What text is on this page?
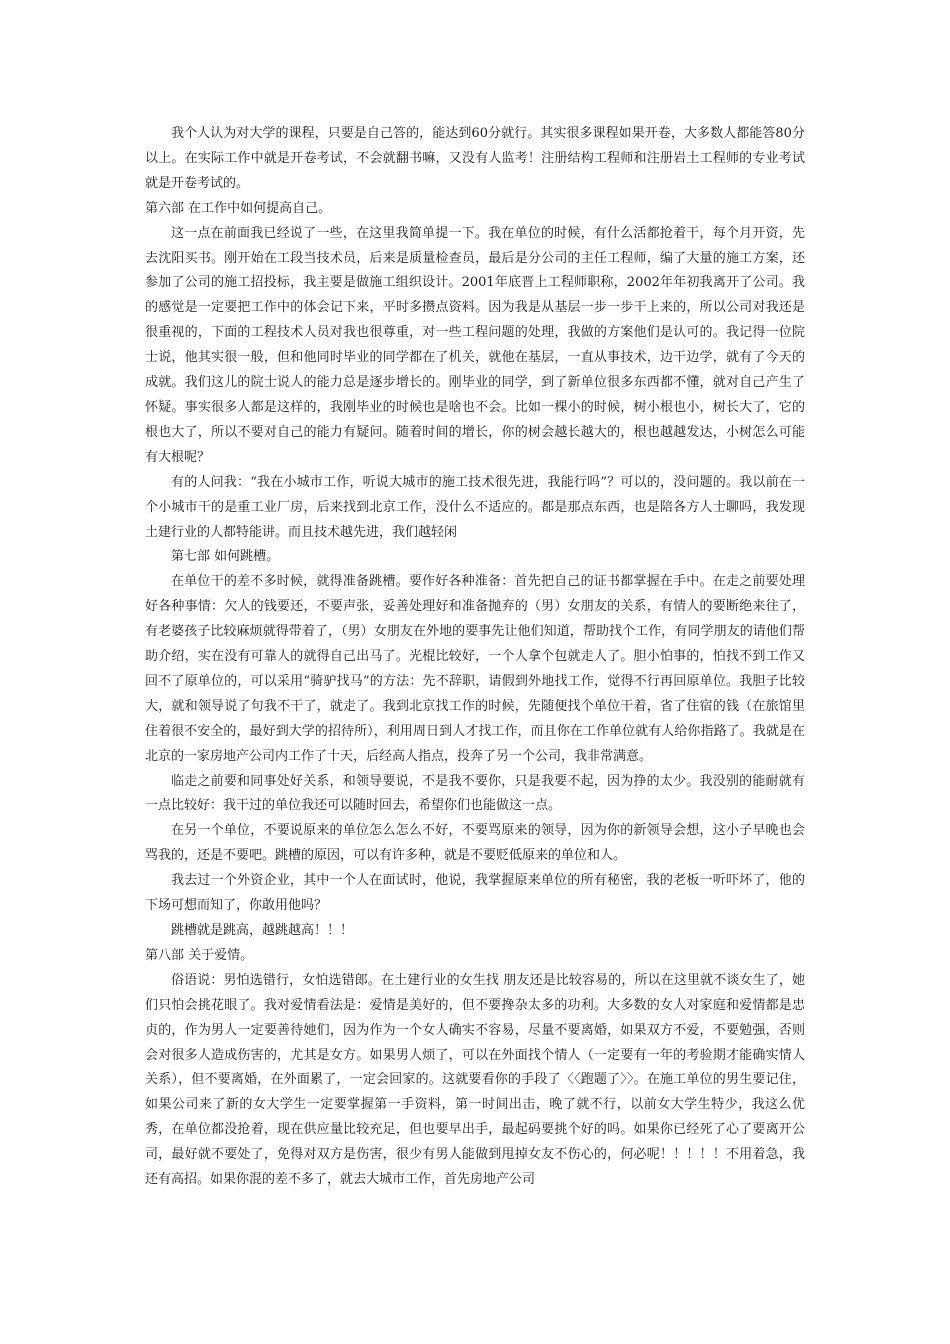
我个人认为对大学的课程，只要是自己答的，能达到60分就行。其实很多课程如果开卷，大多数人都能答80分以上。在实际工作中就是开卷考试，不会就翻书嘛，又没有人监考！注册结构工程师和注册岩土工程师的专业考试就是开卷考试的。

第六部 在工作中如何提高自己。

这一点在前面我已经说了一些，在这里我简单提一下。我在单位的时候，有什么活都抢着干，每个月开资，先去沈阳买书。刚开始在工段当技术员，后来是质量检查员，最后是分公司的主任工程师，编了大量的施工方案，还参加了公司的施工招投标，我主要是做施工组织设计。2001年底晋上工程师职称，2002年年初我离开了公司。我的感觉是一定要把工作中的体会记下来，平时多攒点资料。因为我是从基层一步一步干上来的，所以公司对我还是很重视的，下面的工程技术人员对我也很尊重，对一些工程问题的处理，我做的方案他们是认可的。我记得一位院士说，他其实很一般，但和他同时毕业的同学都在了机关，就他在基层，一直从事技术，边干边学，就有了今天的成就。我们这儿的院士说人的能力总是逐步增长的。刚毕业的同学，到了新单位很多东西都不懂，就对自己产生了怀疑。事实很多人都是这样的，我刚毕业的时候也是啥也不会。比如一棵小的时候，树小根也小，树长大了，它的根也大了，所以不要对自己的能力有疑问。随着时间的增长，你的树会越长越大的，根也越越发达，小树怎么可能有大根呢？

有的人问我：“我在小城市工作，听说大城市的施工技术很先进，我能行吗”？可以的，没问题的。我以前在一个小城市干的是重工业厂房，后来找到北京工作，没什么不适应的。都是那点东西，也是陪各方人士聊吗，我发现土建行业的人都特能讲。而且技术越先进，我们越轻闲

第七部 如何跳槽。

在单位干的差不多时候，就得准备跳槽。要作好各种准备：首先把自己的证书都掌握在手中。在走之前要处理好各种事情：欠人的钱要还，不要声张，妥善处理好和准备抛弃的（男）女朋友的关系，有情人的要断绝来往了，有老婆孩子比较麻烦就得带着了，（男）女朋友在外地的要事先让他们知道，帮助找个工作，有同学朋友的请他们帮助介绍，实在没有可靠人的就得自己出马了。光棍比较好，一个人拿个包就走人了。胆小怕事的，怕找不到工作又回不了原单位的，可以采用“骑驴找马”的方法：先不辞职，请假到外地找工作，觉得不行再回原单位。我胆子比较大，就和领导说了句我不干了，就走了。我到北京找工作的时候，先随便找个单位干着，省了住宿的钱（在旅馆里住着很不安全的，最好到大学的招待所），利用周日到人才找工作，而且你在工作单位就有人给你指路了。我就是在北京的一家房地产公司内工作了十天，后经高人指点，投奔了另一个公司，我非常满意。

临走之前要和同事处好关系，和领导要说，不是我不要你，只是我要不起，因为挣的太少。我没别的能耐就有一点比较好：我干过的单位我还可以随时回去，希望你们也能做这一点。

在另一个单位，不要说原来的单位怎么怎么不好，不要骂原来的领导，因为你的新领导会想，这小子早晚也会骂我的，还是不要吧。跳槽的原因，可以有许多种，就是不要贬低原来的单位和人。

我去过一个外资企业，其中一个人在面试时，他说，我掌握原来单位的所有秘密，我的老板一听吓坏了，他的下场可想而知了，你敢用他吗？

跳槽就是跳高，越跳越高！！！

第八部 关于爱情。

俗语说：男怕选错行，女怕选错郎。在土建行业的女生找 朋友还是比较容易的，所以在这里就不谈女生了，她们只怕会挑花眼了。我对爱情看法是：爱情是美好的，但不要搀杂太多的功利。大多数的女人对家庭和爱情都是忠贞的，作为男人一定要善待她们，因为作为一个女人确实不容易，尽量不要离婚，如果双方不爱，不要勉强，否则会对很多人造成伤害的，尤其是女方。如果男人烦了，可以在外面找个情人（一定要有一年的考验期才能确实情人关系），但不要离婚，在外面累了，一定会回家的。这就要看你的手段了〈〈跑题了〉〉。在施工单位的男生要记住，如果公司来了新的女大学生一定要掌握第一手资料，第一时间出击，晚了就不行，以前女大学生特少，我这么优秀，在单位都没抢着，现在供应量比较充足，但也要早出手，最起码要挑个好的吗。如果你已经死了心了要离开公司，最好就不要处了，免得对双方是伤害，很少有男人能做到甩掉女友不伤心的，何必呢！！！！！不用着急，我还有高招。如果你混的差不多了，就去大城市工作，首先房地产公司
